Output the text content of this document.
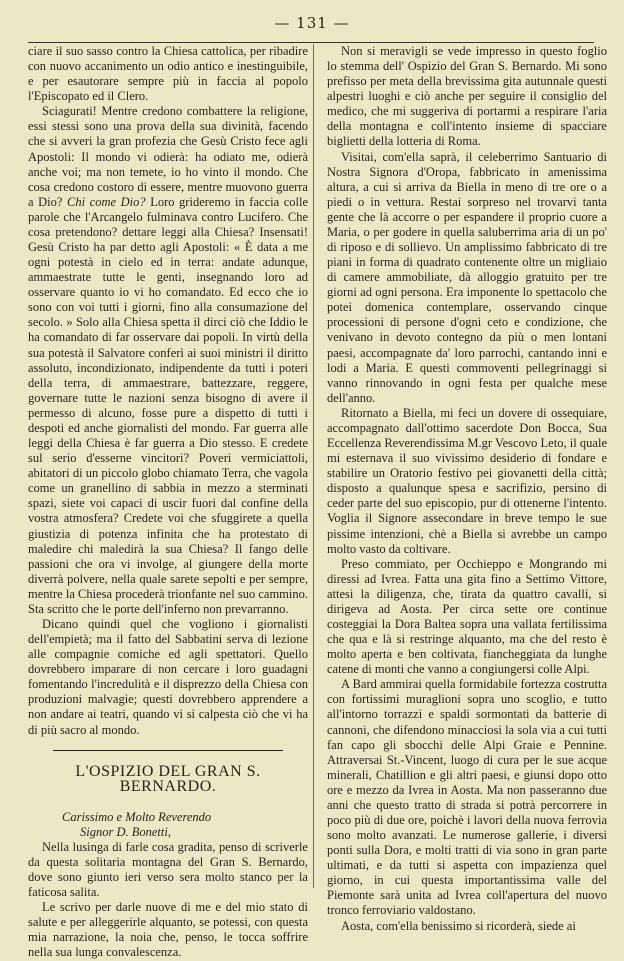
— 131 —

ciare il suo sasso contro la Chiesa cattolica, per ribadire con nuovo accanimento un odio antico e inestinguibile, e per esautorare sempre più in faccia al popolo l'Episcopato ed il Clero.

Sciagurati! Mentre credono combattere la religione, essi stessi sono una prova della sua divinità, facendo che si avveri la gran profezia che Gesù Cristo fece agli Apostoli: Il mondo vi odierà: ha odiato me, odierà anche voi; ma non temete, io ho vinto il mondo. Che cosa credono costoro di essere, mentre muovono guerra a Dio? Chi come Dio? Loro grideremo in faccia colle parole che l'Arcangelo fulminava contro Lucifero. Che cosa pretendono? dettare leggi alla Chiesa? Insensati! Gesù Cristo ha par detto agli Apostoli: « È data a me ogni potestà in cielo ed in terra: andate adunque, ammaestrate tutte le genti, insegnando loro ad osservare quanto io vi ho comandato. Ed ecco che io sono con voi tutti i giorni, fino alla consumazione del secolo. » Solo alla Chiesa spetta il dirci ciò che Iddio le ha comandato di far osservare dai popoli. In virtù della sua potestà il Salvatore conferì ai suoi ministri il diritto assoluto, incondizionato, indipendente da tutti i poteri della terra, di ammaestrare, battezzare, reggere, governare tutte le nazioni senza bisogno di avere il permesso di alcuno, fosse pure a dispetto di tutti i despoti ed anche giornalisti del mondo. Far guerra alle leggi della Chiesa è far guerra a Dio stesso. E credete sul serio d'esserne vincitori? Poveri vermiciattoli, abitatori di un piccolo globo chiamato Terra, che vagola come un granellino di sabbia in mezzo a sterminati spazi, siete voi capaci di uscir fuori dal confine della vostra atmosfera? Credete voi che sfuggirete a quella giustizia di potenza infinita che ha protestato di maledire chi maledirà la sua Chiesa? Il fango delle passioni che ora vi involge, al giungere della morte diverrà polvere, nella quale sarete sepolti e per sempre, mentre la Chiesa procederà trionfante nel suo cammino. Sta scritto che le porte dell'inferno non prevarranno.

Dicano quindi quel che vogliono i giornalisti dell'empietà; ma il fatto del Sabbatini serva di lezione alle compagnie comiche ed agli spettatori. Quello dovrebbero imparare di non cercare i loro guadagni fomentando l'incredulità e il disprezzo della Chiesa con produzioni malvagie; questi dovrebbero apprendere a non andare ai teatri, quando vi si calpesta ciò che vi ha di più sacro al mondo.

L'OSPIZIO DEL GRAN S. BERNARDO.

Carissimo e Molto Reverendo

Signor D. Bonetti,

Nella lusinga di farle cosa gradita, penso di scriverle da questa solitaria montagna del Gran S. Bernardo, dove sono giunto ieri verso sera molto stanco per la faticosa salita.

Le scrivo per darle nuove di me e del mio stato di salute e per alleggerirle alquanto, se potessi, con questa mia narrazione, la noia che, penso, le tocca soffrire nella sua lunga convalescenza.

Non si meravigli se vede impresso in questo foglio lo stemma dell' Ospizio del Gran S. Bernardo. Mi sono prefisso per meta della brevissima gita autunnale questi alpestri luoghi e ciò anche per seguire il consiglio del medico, che mi suggeriva di portarmi a respirare l'aria della montagna e coll'intento insieme di spacciare biglietti della lotteria di Roma.

Visitai, com'ella saprà, il celeberrimo Santuario di Nostra Signora d'Oropa, fabbricato in amenissima altura, a cui si arriva da Biella in meno di tre ore o a piedi o in vettura. Restai sorpreso nel trovarvi tanta gente che là accorre o per espandere il proprio cuore a Maria, o per godere in quella saluberrima aria di un po' di riposo e di sollievo. Un amplissimo fabbricato di tre piani in forma di quadrato contenente oltre un migliaio di camere ammobiliate, dà alloggio gratuito per tre giorni ad ogni persona. Era imponente lo spettacolo che potei domenica contemplare, osservando cinque processioni di persone d'ogni ceto e condizione, che venivano in devoto contegno da più o men lontani paesi, accompagnate da' loro parrochi, cantando inni e lodi a Maria. E questi commoventi pellegrinaggi si vanno rinnovando in ogni festa per qualche mese dell'anno.

Ritornato a Biella, mi feci un dovere di ossequiare, accompagnato dall'ottimo sacerdote Don Bocca, Sua Eccellenza Reverendissima M.gr Vescovo Leto, il quale mi esternava il suo vivissimo desiderio di fondare e stabilire un Oratorio festivo pei giovanetti della città; disposto a qualunque spesa e sacrifizio, persino di ceder parte del suo episcopio, pur di ottenerne l'intento. Voglia il Signore assecondare in breve tempo le sue pissime intenzioni, chè a Biella si avrebbe un campo molto vasto da coltivare.

Preso commiato, per Occhieppo e Mongrando mi diressi ad Ivrea. Fatta una gita fino a Settimo Vittore, attesi la diligenza, che, tirata da quattro cavalli, si dirigeva ad Aosta. Per circa sette ore continue costeggiai la Dora Baltea sopra una vallata fertilissima che qua e là si restringe alquanto, ma che del resto è molto aperta e ben coltivata, fiancheggiata da lunghe catene di monti che vanno a congiungersi colle Alpi.

A Bard ammirai quella formidabile fortezza costrutta con fortissimi muraglioni sopra uno scoglio, e tutto all'intorno torrazzi e spaldi sormontati da batterie di cannoni, che difendono minacciosi la sola via a cui tutti fan capo gli sbocchi delle Alpi Graie e Pennine. Attraversai St.-Vincent, luogo di cura per le sue acque minerali, Chatillion e gli altri paesi, e giunsi dopo otto ore e mezzo da Ivrea in Aosta. Ma non passeranno due anni che questo tratto di strada si potrà percorrere in poco più di due ore, poichè i lavori della nuova ferrovia sono molto avanzati. Le numerose gallerie, i diversi ponti sulla Dora, e molti tratti di via sono in gran parte ultimati, e da tutti si aspetta con impazienza quel giorno, in cui questa importantissima valle del Piemonte sarà unita ad Ivrea coll'apertura del nuovo tronco ferroviario valdostano.

Aosta, com'ella benissimo si ricorderà, siede ai
